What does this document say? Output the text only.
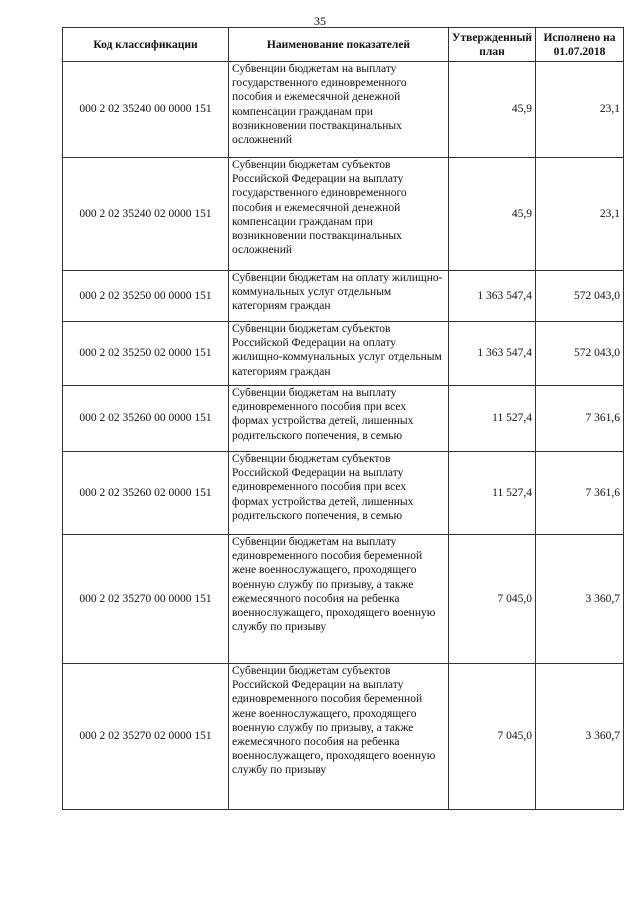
35
Код классификации	Наименование показателей	Утвержденный план	Исполнено на 01.07.2018
000 2 02 35240 00 0000 151	Субвенции бюджетам на выплату государственного единовременного пособия и ежемесячной денежной компенсации гражданам при возникновении поствакцинальных осложнений	45,9	23,1
000 2 02 35240 02 0000 151	Субвенции бюджетам субъектов Российской Федерации на выплату государственного единовременного пособия и ежемесячной денежной компенсации гражданам при возникновении поствакцинальных осложнений	45,9	23,1
000 2 02 35250 00 0000 151	Субвенции бюджетам на оплату жилищно-коммунальных услуг отдельным категориям граждан	1 363 547,4	572 043,0
000 2 02 35250 02 0000 151	Субвенции бюджетам субъектов Российской Федерации на оплату жилищно-коммунальных услуг отдельным категориям граждан	1 363 547,4	572 043,0
000 2 02 35260 00 0000 151	Субвенции бюджетам на выплату единовременного пособия при всех формах устройства детей, лишенных родительского попечения, в семью	11 527,4	7 361,6
000 2 02 35260 02 0000 151	Субвенции бюджетам субъектов Российской Федерации на выплату единовременного пособия при всех формах устройства детей, лишенных родительского попечения, в семью	11 527,4	7 361,6
000 2 02 35270 00 0000 151	Субвенции бюджетам на выплату единовременного пособия беременной жене военнослужащего, проходящего военную службу по призыву, а также ежемесячного пособия на ребенка военнослужащего, проходящего военную службу по призыву	7 045,0	3 360,7
000 2 02 35270 02 0000 151	Субвенции бюджетам субъектов Российской Федерации на выплату единовременного пособия беременной жене военнослужащего, проходящего военную службу по призыву, а также ежемесячного пособия на ребенка военнослужащего, проходящего военную службу по призыву	7 045,0	3 360,7
